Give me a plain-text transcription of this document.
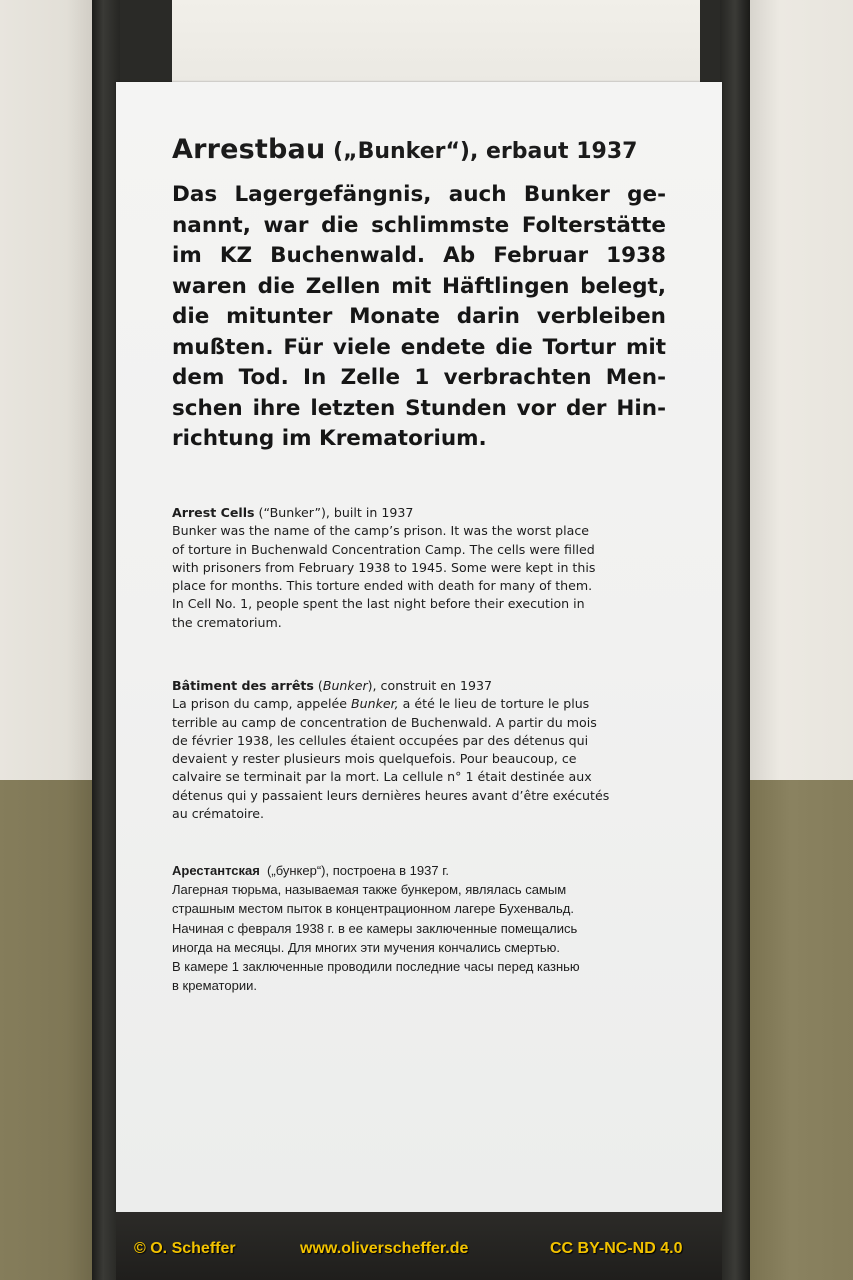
Arrestbau („Bunker“), erbaut 1937
Das Lagergefängnis, auch Bunker ge-
nannt, war die schlimmste Folterstätte
im KZ Buchenwald. Ab Februar 1938
waren die Zellen mit Häftlingen belegt,
die mitunter Monate darin verbleiben
mußten. Für viele endete die Tortur mit
dem Tod. In Zelle 1 verbrachten Men-
schen ihre letzten Stunden vor der Hin-
richtung im Krematorium.
Arrest Cells (“Bunker”), built in 1937
Bunker was the name of the camp’s prison. It was the worst place
of torture in Buchenwald Concentration Camp. The cells were filled
with prisoners from February 1938 to 1945. Some were kept in this
place for months. This torture ended with death for many of them.
In Cell No. 1, people spent the last night before their execution in
the crematorium.
Bâtiment des arrêts (Bunker), construit en 1937
La prison du camp, appelée Bunker, a été le lieu de torture le plus
terrible au camp de concentration de Buchenwald. A partir du mois
de février 1938, les cellules étaient occupées par des détenus qui
devaient y rester plusieurs mois quelquefois. Pour beaucoup, ce
calvaire se terminait par la mort. La cellule n° 1 était destinée aux
détenus qui y passaient leurs dernières heures avant d’être exécutés
au crématoire.
Арестантская  („бункер“), построена в 1937 г.
Лагерная тюрьма, называемая также бункером, являлась самым
страшным местом пыток в концентрационном лагере Бухенвальд.
Начиная с февраля 1938 г. в ее камеры заключенные помещались
иногда на месяцы. Для многих эти мучения кончались смертью.
В камере 1 заключенные проводили последние часы перед казнью
в крематории.
© O. Scheffer	www.oliverscheffer.de	CC BY-NC-ND 4.0
